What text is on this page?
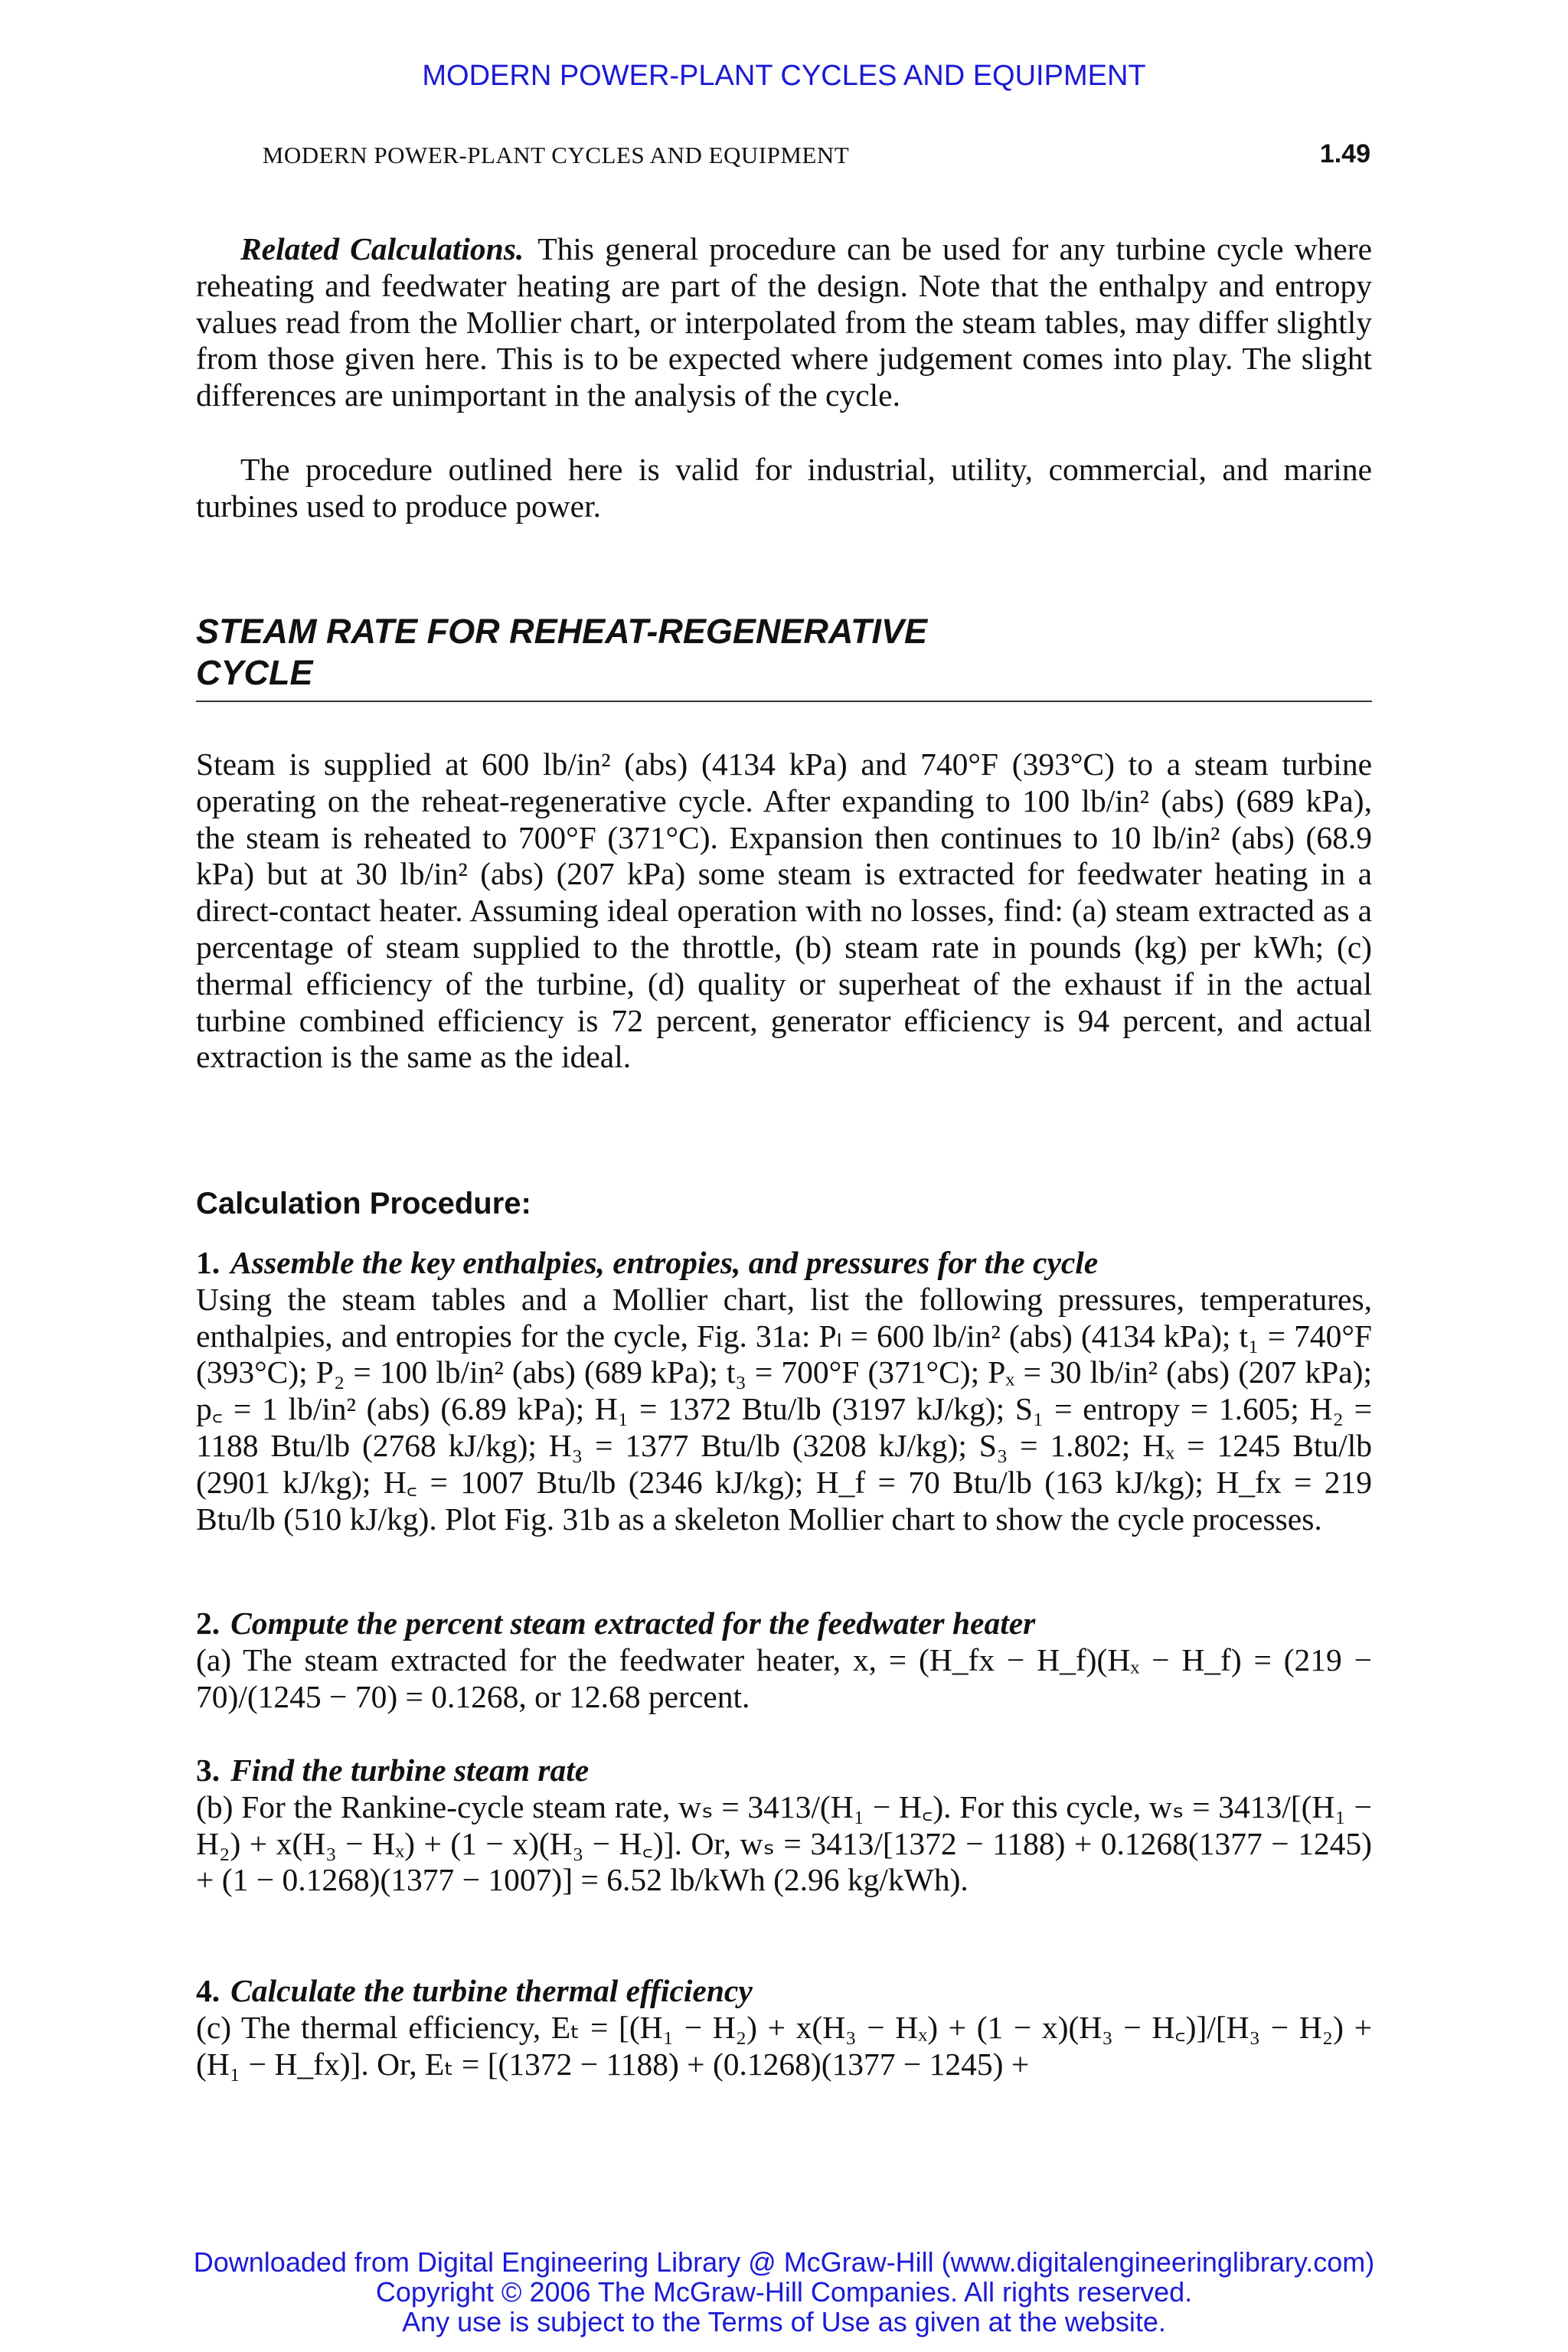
MODERN POWER-PLANT CYCLES AND EQUIPMENT
MODERN POWER-PLANT CYCLES AND EQUIPMENT	1.49

Related Calculations. This general procedure can be used for any turbine cycle where reheating and feedwater heating are part of the design. Note that the enthalpy and entropy values read from the Mollier chart, or interpolated from the steam tables, may differ slightly from those given here. This is to be expected where judgement comes into play. The slight differences are unimportant in the analysis of the cycle.

The procedure outlined here is valid for industrial, utility, commercial, and marine turbines used to produce power.

STEAM RATE FOR REHEAT-REGENERATIVE
CYCLE

Steam is supplied at 600 lb/in² (abs) (4134 kPa) and 740°F (393°C) to a steam turbine operating on the reheat-regenerative cycle. After expanding to 100 lb/in² (abs) (689 kPa), the steam is reheated to 700°F (371°C). Expansion then continues to 10 lb/in² (abs) (68.9 kPa) but at 30 lb/in² (abs) (207 kPa) some steam is extracted for feedwater heating in a direct-contact heater. Assuming ideal operation with no losses, find: (a) steam extracted as a percentage of steam supplied to the throttle, (b) steam rate in pounds (kg) per kWh; (c) thermal efficiency of the turbine, (d) quality or superheat of the exhaust if in the actual turbine combined efficiency is 72 percent, generator efficiency is 94 percent, and actual extraction is the same as the ideal.

Calculation Procedure:
1. Assemble the key enthalpies, entropies, and pressures for the cycle
Using the steam tables and a Mollier chart, list the following pressures, temperatures, enthalpies, and entropies for the cycle, Fig. 31a: Pₗ = 600 lb/in² (abs) (4134 kPa); t₁ = 740°F (393°C); P₂ = 100 lb/in² (abs) (689 kPa); t₃ = 700°F (371°C); Pₓ = 30 lb/in² (abs) (207 kPa); p꜀ = 1 lb/in² (abs) (6.89 kPa); H₁ = 1372 Btu/lb (3197 kJ/kg); S₁ = entropy = 1.605; H₂ = 1188 Btu/lb (2768 kJ/kg); H₃ = 1377 Btu/lb (3208 kJ/kg); S₃ = 1.802; Hₓ = 1245 Btu/lb (2901 kJ/kg); H꜀ = 1007 Btu/lb (2346 kJ/kg); H_f = 70 Btu/lb (163 kJ/kg); H_fx = 219 Btu/lb (510 kJ/kg). Plot Fig. 31b as a skeleton Mollier chart to show the cycle processes.
2. Compute the percent steam extracted for the feedwater heater
(a) The steam extracted for the feedwater heater, x, = (H_fx − H_f)(Hₓ − H_f) = (219 − 70)/(1245 − 70) = 0.1268, or 12.68 percent.
3. Find the turbine steam rate
(b) For the Rankine-cycle steam rate, wₛ = 3413/(H₁ − H꜀). For this cycle, wₛ = 3413/[(H₁ − H₂) + x(H₃ − Hₓ) + (1 − x)(H₃ − H꜀)]. Or, wₛ = 3413/[1372 − 1188) + 0.1268(1377 − 1245) + (1 − 0.1268)(1377 − 1007)] = 6.52 lb/kWh (2.96 kg/kWh).
4. Calculate the turbine thermal efficiency
(c) The thermal efficiency, Eₜ = [(H₁ − H₂) + x(H₃ − Hₓ) + (1 − x)(H₃ − H꜀)]/[H₃ − H₂) + (H₁ − H_fx)]. Or, Eₜ = [(1372 − 1188) + (0.1268)(1377 − 1245) +
Downloaded from Digital Engineering Library @ McGraw-Hill (www.digitalengineeringlibrary.com)
Copyright © 2006 The McGraw-Hill Companies. All rights reserved.
Any use is subject to the Terms of Use as given at the website.
